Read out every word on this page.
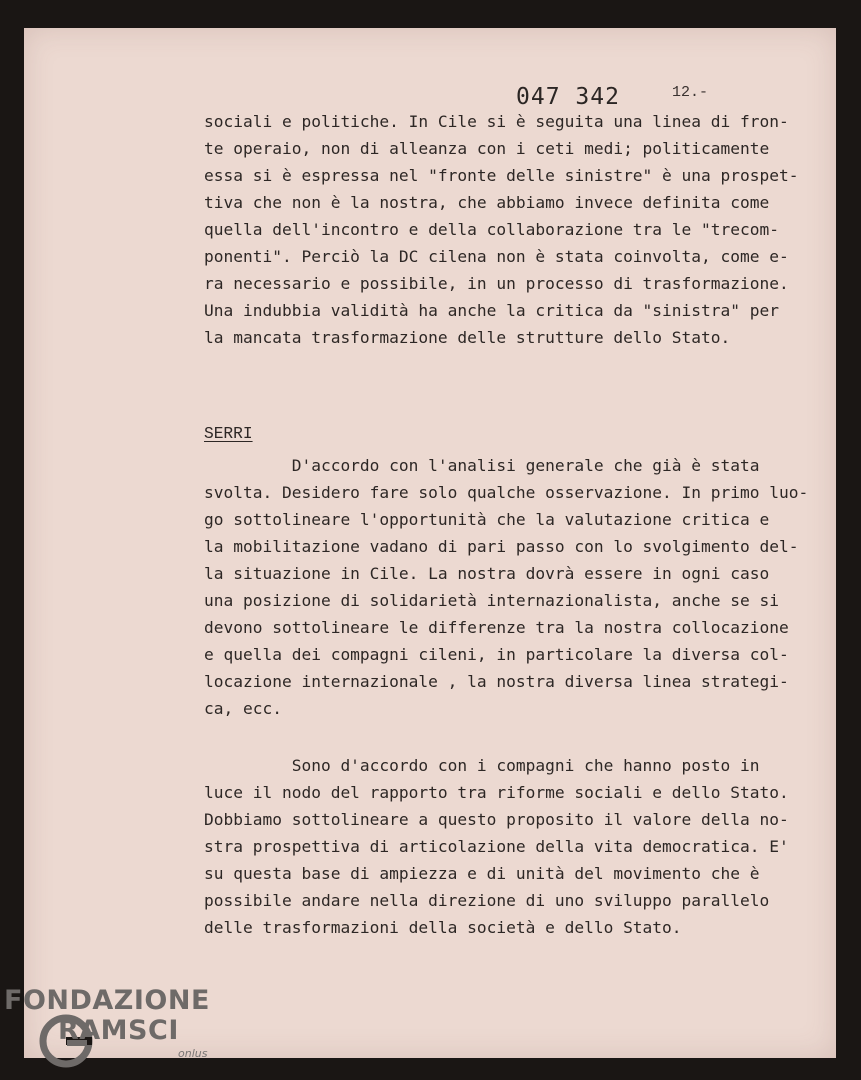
047 342	12.-
sociali e politiche. In Cile si è seguita una linea di fron-
te operaio, non di alleanza con i ceti medi; politicamente
essa si è espressa nel "fronte delle sinistre" è una prospet-
tiva che non è la nostra, che abbiamo invece definita come
quella dell'incontro e della collaborazione tra le "trecom-
ponenti". Perciò la DC cilena non è stata coinvolta, come e-
ra necessario e possibile, in un processo di trasformazione.
Una indubbia validità ha anche la critica da "sinistra" per
la mancata trasformazione delle strutture dello Stato.
SERRI
D'accordo con l'analisi generale che già è stata
svolta. Desidero fare solo qualche osservazione. In primo luo-
go sottolineare l'opportunità che la valutazione critica e
la mobilitazione vadano di pari passo con lo svolgimento del-
la situazione in Cile. La nostra dovrà essere in ogni caso
una posizione di solidarietà internazionalista, anche se si
devono sottolineare le differenze tra la nostra collocazione
e quella dei compagni cileni, in particolare la diversa col-
locazione internazionale , la nostra diversa linea strategi-
ca, ecc.
Sono d'accordo con i compagni che hanno posto in
luce il nodo del rapporto tra riforme sociali e dello Stato.
Dobbiamo sottolineare a questo proposito il valore della no-
stra prospettiva di articolazione della vita democratica. E'
su questa base di ampiezza e di unità del movimento che è
possibile andare nella direzione di uno sviluppo parallelo
delle trasformazioni della società e dello Stato.
FONDAZIONE
RAMSCI
onlus
